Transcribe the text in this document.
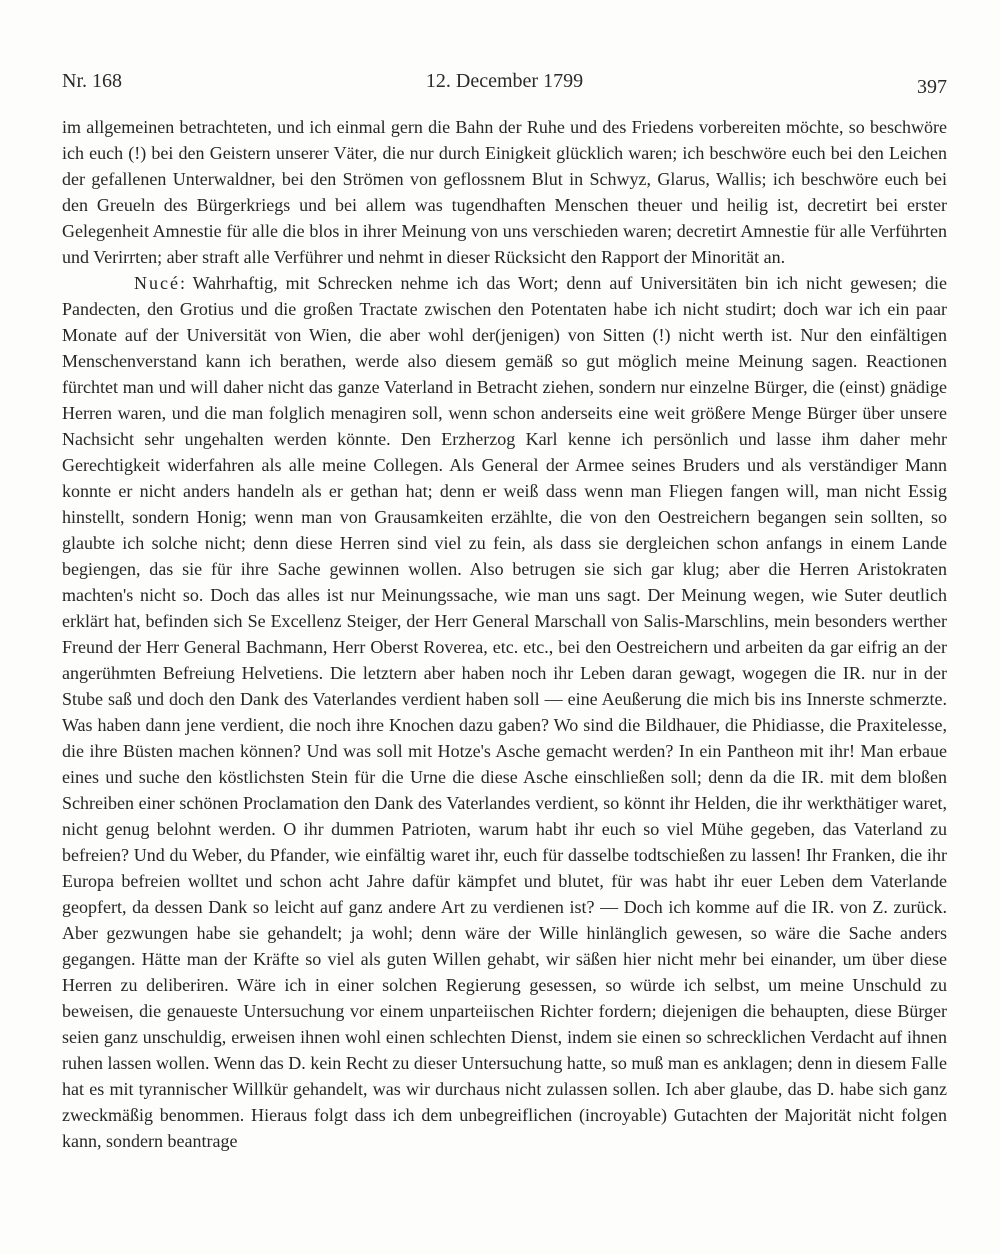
Nr. 168	12. December 1799	397

im allgemeinen betrachteten, und ich einmal gern die Bahn der Ruhe und des Friedens vorbereiten möchte, so beschwöre ich euch (!) bei den Geistern unserer Väter, die nur durch Einigkeit glücklich waren; ich beschwöre euch bei den Leichen der gefallenen Unterwaldner, bei den Strömen von geflossnem Blut in Schwyz, Glarus, Wallis; ich beschwöre euch bei den Greueln des Bürgerkriegs und bei allem was tugendhaften Menschen theuer und heilig ist, decretirt bei erster Gelegenheit Amnestie für alle die blos in ihrer Meinung von uns verschieden waren; decretirt Amnestie für alle Verführten und Verirrten; aber straft alle Verführer und nehmt in dieser Rücksicht den Rapport der Minorität an.

Nucé: Wahrhaftig, mit Schrecken nehme ich das Wort; denn auf Universitäten bin ich nicht gewesen; die Pandecten, den Grotius und die großen Tractate zwischen den Potentaten habe ich nicht studirt; doch war ich ein paar Monate auf der Universität von Wien, die aber wohl der(jenigen) von Sitten (!) nicht werth ist. Nur den einfältigen Menschenverstand kann ich berathen, werde also diesem gemäß so gut möglich meine Meinung sagen. Reactionen fürchtet man und will daher nicht das ganze Vaterland in Betracht ziehen, sondern nur einzelne Bürger, die (einst) gnädige Herren waren, und die man folglich menagiren soll, wenn schon anderseits eine weit größere Menge Bürger über unsere Nachsicht sehr ungehalten werden könnte. Den Erzherzog Karl kenne ich persönlich und lasse ihm daher mehr Gerechtigkeit widerfahren als alle meine Collegen. Als General der Armee seines Bruders und als verständiger Mann konnte er nicht anders handeln als er gethan hat; denn er weiß dass wenn man Fliegen fangen will, man nicht Essig hinstellt, sondern Honig; wenn man von Grausamkeiten erzählte, die von den Oestreichern begangen sein sollten, so glaubte ich solche nicht; denn diese Herren sind viel zu fein, als dass sie dergleichen schon anfangs in einem Lande begiengen, das sie für ihre Sache gewinnen wollen. Also betrugen sie sich gar klug; aber die Herren Aristokraten machten's nicht so. Doch das alles ist nur Meinungssache, wie man uns sagt. Der Meinung wegen, wie Suter deutlich erklärt hat, befinden sich Se Excellenz Steiger, der Herr General Marschall von Salis-Marschlins, mein besonders werther Freund der Herr General Bachmann, Herr Oberst Roverea, etc. etc., bei den Oestreichern und arbeiten da gar eifrig an der angerühmten Befreiung Helvetiens. Die letztern aber haben noch ihr Leben daran gewagt, wogegen die IR. nur in der Stube saß und doch den Dank des Vaterlandes verdient haben soll — eine Aeußerung die mich bis ins Innerste schmerzte. Was haben dann jene verdient, die noch ihre Knochen dazu gaben? Wo sind die Bildhauer, die Phidiasse, die Praxitelesse, die ihre Büsten machen können? Und was soll mit Hotze's Asche gemacht werden? In ein Pantheon mit ihr! Man erbaue eines und suche den köstlichsten Stein für die Urne die diese Asche einschließen soll; denn da die IR. mit dem bloßen Schreiben einer schönen Proclamation den Dank des Vaterlandes verdient, so könnt ihr Helden, die ihr werkthätiger waret, nicht genug belohnt werden. O ihr dummen Patrioten, warum habt ihr euch so viel Mühe gegeben, das Vaterland zu befreien? Und du Weber, du Pfander, wie einfältig waret ihr, euch für dasselbe todtschießen zu lassen! Ihr Franken, die ihr Europa befreien wolltet und schon acht Jahre dafür kämpfet und blutet, für was habt ihr euer Leben dem Vaterlande geopfert, da dessen Dank so leicht auf ganz andere Art zu verdienen ist? — Doch ich komme auf die IR. von Z. zurück. Aber gezwungen habe sie gehandelt; ja wohl; denn wäre der Wille hinlänglich gewesen, so wäre die Sache anders gegangen. Hätte man der Kräfte so viel als guten Willen gehabt, wir säßen hier nicht mehr bei einander, um über diese Herren zu deliberiren. Wäre ich in einer solchen Regierung gesessen, so würde ich selbst, um meine Unschuld zu beweisen, die genaueste Untersuchung vor einem unparteiischen Richter fordern; diejenigen die behaupten, diese Bürger seien ganz unschuldig, erweisen ihnen wohl einen schlechten Dienst, indem sie einen so schrecklichen Verdacht auf ihnen ruhen lassen wollen. Wenn das D. kein Recht zu dieser Untersuchung hatte, so muß man es anklagen; denn in diesem Falle hat es mit tyrannischer Willkür gehandelt, was wir durchaus nicht zulassen sollen. Ich aber glaube, das D. habe sich ganz zweckmäßig benommen. Hieraus folgt dass ich dem unbegreiflichen (incroyable) Gutachten der Majorität nicht folgen kann, sondern beantrage
